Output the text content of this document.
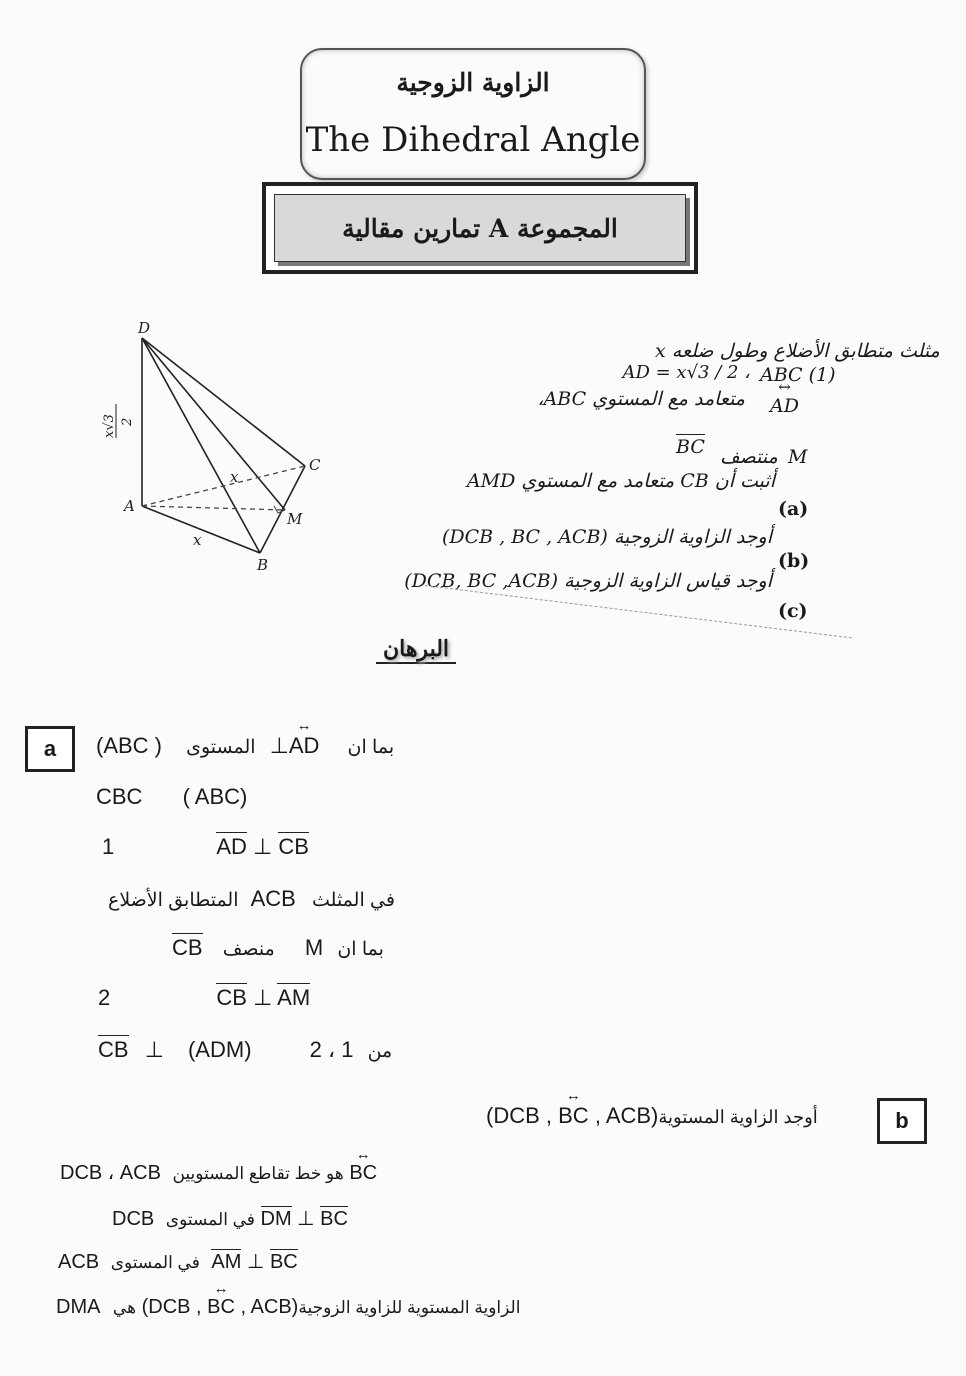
الزاوية الزوجية
The Dihedral Angle
المجموعة A تمارين مقالية
D
A
B
C
M
x
x
x√3 2
مثلث متطابق الأضلاع وطول ضلعه x
ABC (1)
AD = x√3 / 2 ،
متعامد مع المستوي ABC، ↔ AD
BC منتصف M
أثبت أن CB متعامد مع المستوي AMD
(a)
أوجد الزاوية الزوجية (DCB , BC , ACB)
(b)
أوجد قياس الزاوية الزوجية (DCB, BC ,ACB)
(c)
البرهان
a	(ABC ) المستوى ⊥↔ AD بما ان
CBC ( ABC)
1	AD ⊥ CB
المتطابق الأضلاع ACB في المثلث
CB منصف M بما ان
2	CB ⊥ AM
CB ⊥ (ADM)	2 ، 1 من
b
(DCB , ↔ BC , ACB)أوجد الزاوية المستوية
DCB ، ACB هو خط تقاطع المستويين ↔ BC
DCB في المستوى DM ⊥ BC
ACB في المستوى AM ⊥ BC
DMA هي (DCB , ↔ BC , ACB)الزاوية المستوية للزاوية الزوجية
